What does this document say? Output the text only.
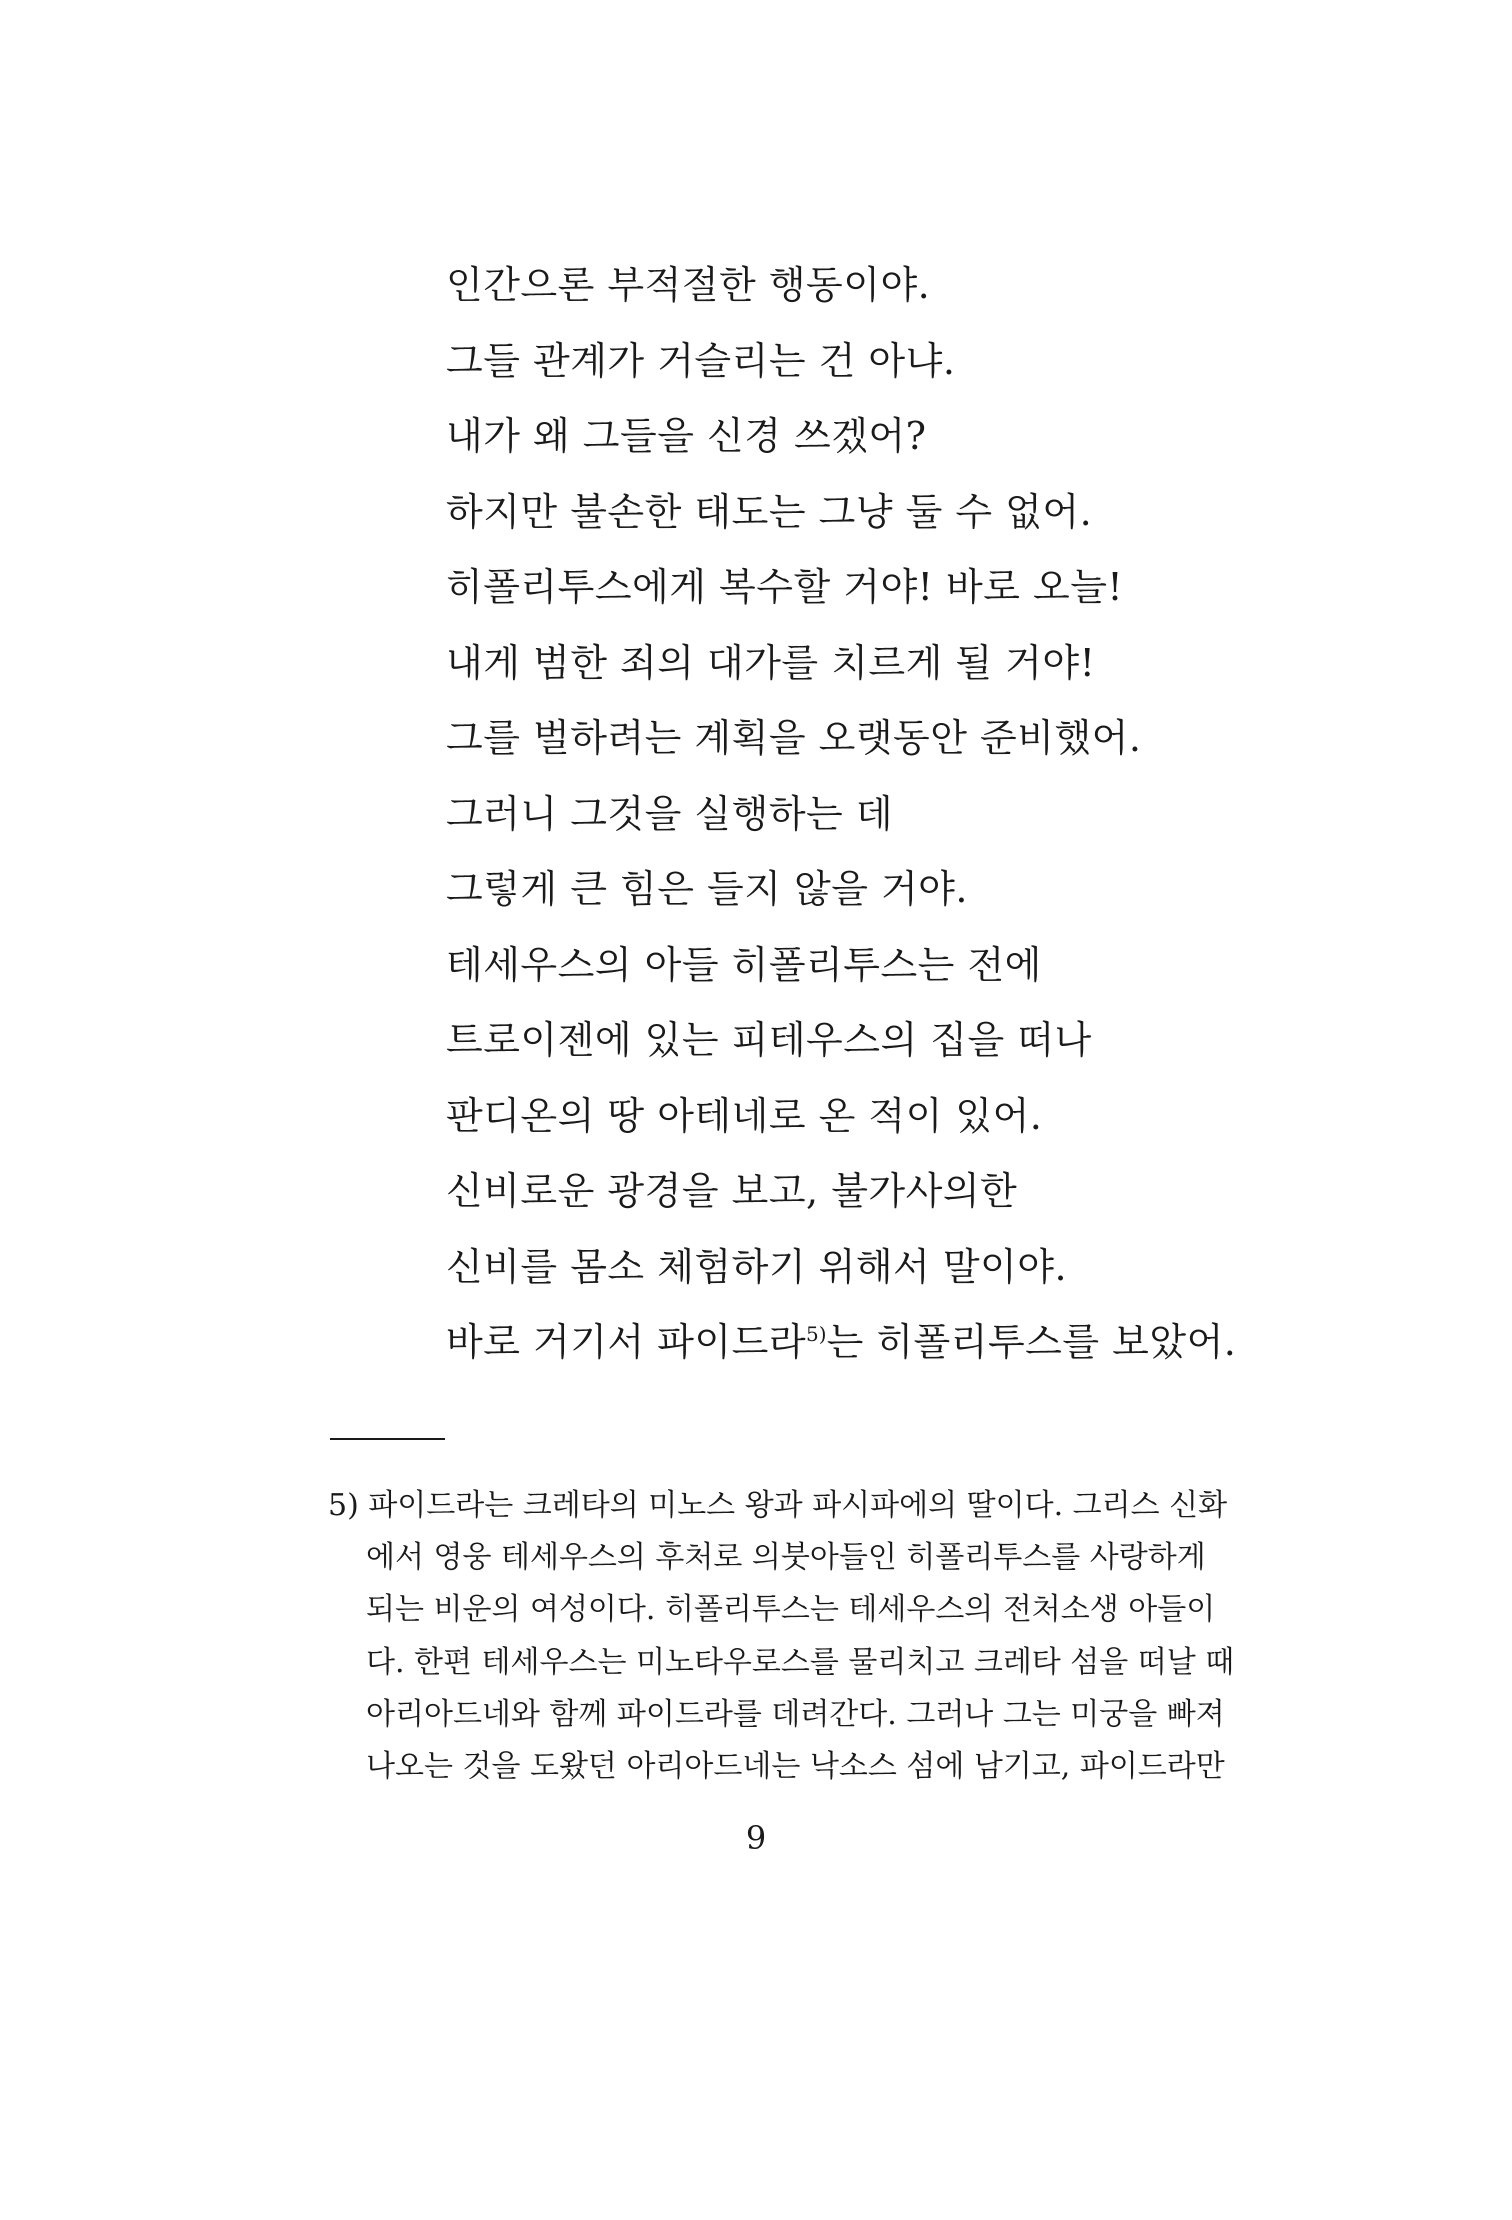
인간으론 부적절한 행동이야.
그들 관계가 거슬리는 건 아냐.
내가 왜 그들을 신경 쓰겠어?
하지만 불손한 태도는 그냥 둘 수 없어.
히폴리투스에게 복수할 거야! 바로 오늘!
내게 범한 죄의 대가를 치르게 될 거야!
그를 벌하려는 계획을 오랫동안 준비했어.
그러니 그것을 실행하는 데
그렇게 큰 힘은 들지 않을 거야.
테세우스의 아들 히폴리투스는 전에
트로이젠에 있는 피테우스의 집을 떠나
판디온의 땅 아테네로 온 적이 있어.
신비로운 광경을 보고, 불가사의한
신비를 몸소 체험하기 위해서 말이야.
바로 거기서 파이드라$^{5)}$는 히폴리투스를 보았어.
5) 파이드라는 크레타의 미노스 왕과 파시파에의 딸이다. 그리스 신화
에서 영웅 테세우스의 후처로 의붓아들인 히폴리투스를 사랑하게
되는 비운의 여성이다. 히폴리투스는 테세우스의 전처소생 아들이
다. 한편 테세우스는 미노타우로스를 물리치고 크레타 섬을 떠날 때
아리아드네와 함께 파이드라를 데려간다. 그러나 그는 미궁을 빠져
나오는 것을 도왔던 아리아드네는 낙소스 섬에 남기고, 파이드라만
9
